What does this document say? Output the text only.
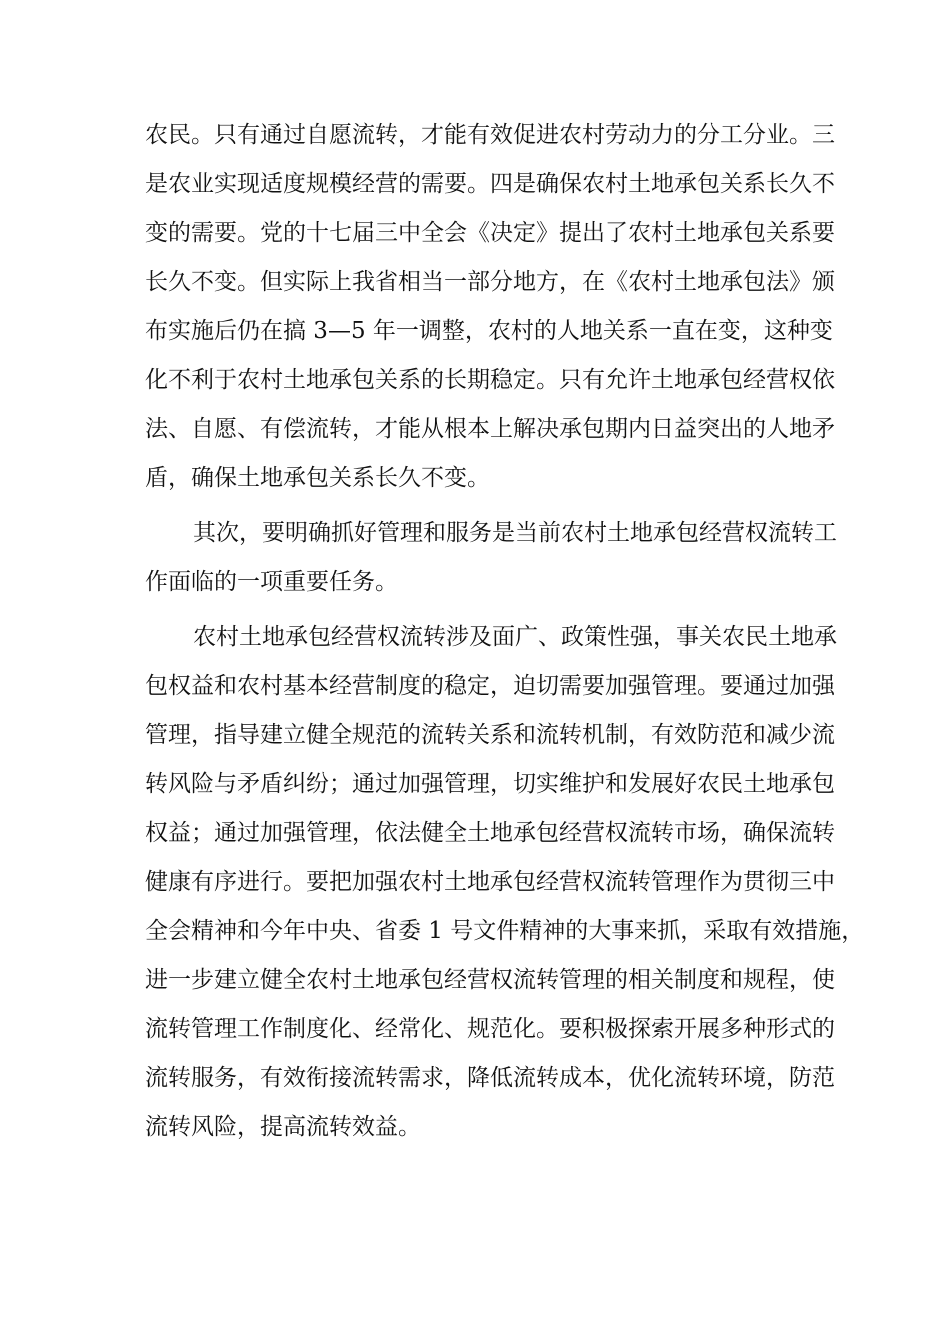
农民。只有通过自愿流转，才能有效促进农村劳动力的分工分业。三
是农业实现适度规模经营的需要。四是确保农村土地承包关系长久不
变的需要。党的十七届三中全会《决定》提出了农村土地承包关系要
长久不变。但实际上我省相当一部分地方，在《农村土地承包法》颁
布实施后仍在搞 3—5 年一调整，农村的人地关系一直在变，这种变
化不利于农村土地承包关系的长期稳定。只有允许土地承包经营权依
法、自愿、有偿流转，才能从根本上解决承包期内日益突出的人地矛
盾，确保土地承包关系长久不变。
其次，要明确抓好管理和服务是当前农村土地承包经营权流转工
作面临的一项重要任务。
农村土地承包经营权流转涉及面广、政策性强，事关农民土地承
包权益和农村基本经营制度的稳定，迫切需要加强管理。要通过加强
管理，指导建立健全规范的流转关系和流转机制，有效防范和减少流
转风险与矛盾纠纷；通过加强管理，切实维护和发展好农民土地承包
权益；通过加强管理，依法健全土地承包经营权流转市场，确保流转
健康有序进行。要把加强农村土地承包经营权流转管理作为贯彻三中
全会精神和今年中央、省委 1 号文件精神的大事来抓，采取有效措施，
进一步建立健全农村土地承包经营权流转管理的相关制度和规程，使
流转管理工作制度化、经常化、规范化。要积极探索开展多种形式的
流转服务，有效衔接流转需求，降低流转成本，优化流转环境，防范
流转风险，提高流转效益。
